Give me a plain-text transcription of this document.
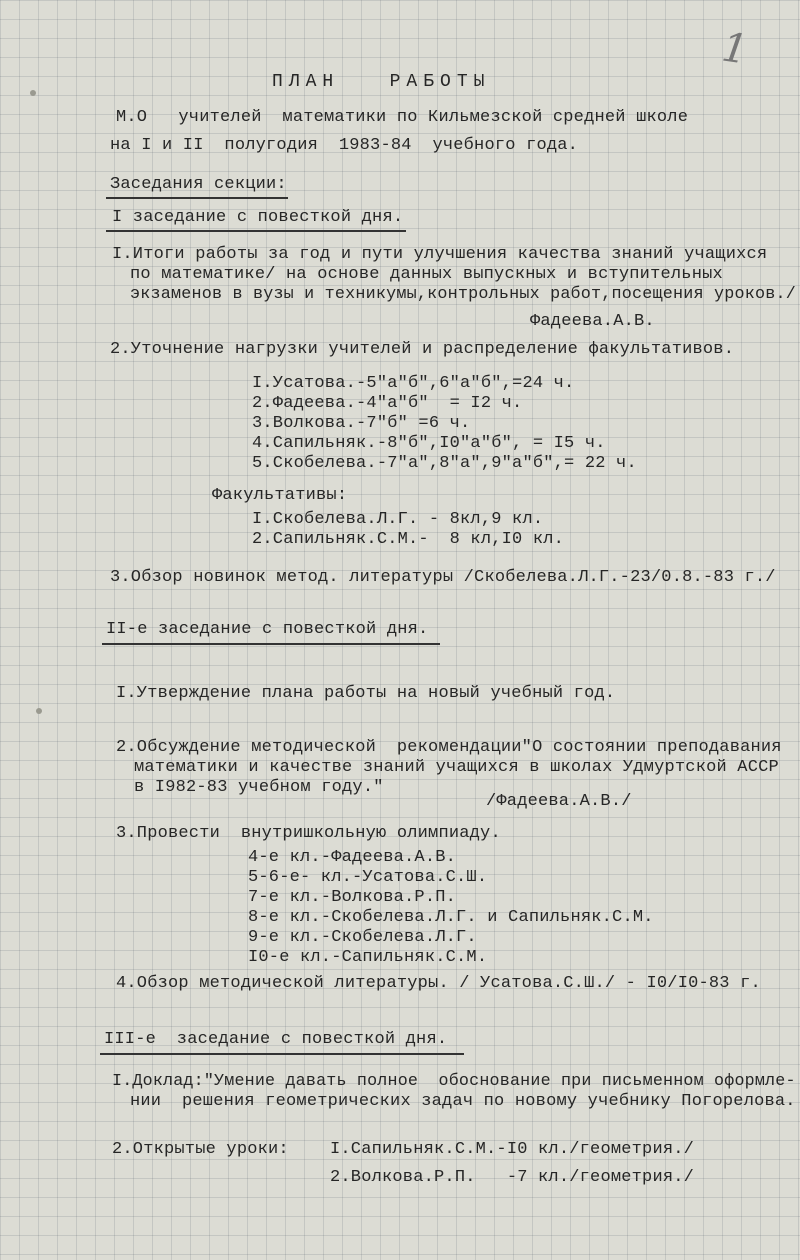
1
ПЛАН   РАБОТЫ
М.О   учителей  математики по Кильмезской средней школе
на I и II  полугодия  1983-84  учебного года.
Заседания секции:
I заседание с повесткой дня.
I.Итоги работы за год и пути улучшения качества знаний учащихся
по математике/ на основе данных выпускных и вступительных
экзаменов в вузы и техникумы,контрольных работ,посещения уроков./
Фадеева.А.В.
2.Уточнение нагрузки учителей и распределение факультативов.
I.Усатова.-5"а"б",6"а"б",=24 ч.
2.Фадеева.-4"а"б"  = I2 ч.
3.Волкова.-7"б" =6 ч.
4.Сапильняк.-8"б",I0"а"б", = I5 ч.
5.Скобелева.-7"а",8"а",9"а"б",= 22 ч.
Факультативы:
I.Скобелева.Л.Г. - 8кл,9 кл.
2.Сапильняк.С.М.-  8 кл,I0 кл.
3.Обзор новинок метод. литературы /Скобелева.Л.Г.-23/0.8.-83 г./
II-е заседание с повесткой дня.
I.Утверждение плана работы на новый учебный год.
2.Обсуждение методической  рекомендации"О состоянии преподавания
математики и качестве знаний учащихся в школах Удмуртской АССР
в I982-83 учебном году."
/Фадеева.А.В./
3.Провести  внутришкольную олимпиаду.
4-е кл.-Фадеева.А.В.
5-6-е- кл.-Усатова.С.Ш.
7-е кл.-Волкова.Р.П.
8-е кл.-Скобелева.Л.Г. и Сапильняк.С.М.
9-е кл.-Скобелева.Л.Г.
I0-е кл.-Сапильняк.С.М.
4.Обзор методической литературы. / Усатова.С.Ш./ - I0/I0-83 г.
III-е  заседание с повесткой дня.
I.Доклад:"Умение давать полное  обоснование при письменном оформле-
нии  решения геометрических задач по новому учебнику Погорелова.
2.Открытые уроки: I.Сапильняк.С.М.-I0 кл./геометрия./
2.Волкова.Р.П.   -7 кл./геометрия./
